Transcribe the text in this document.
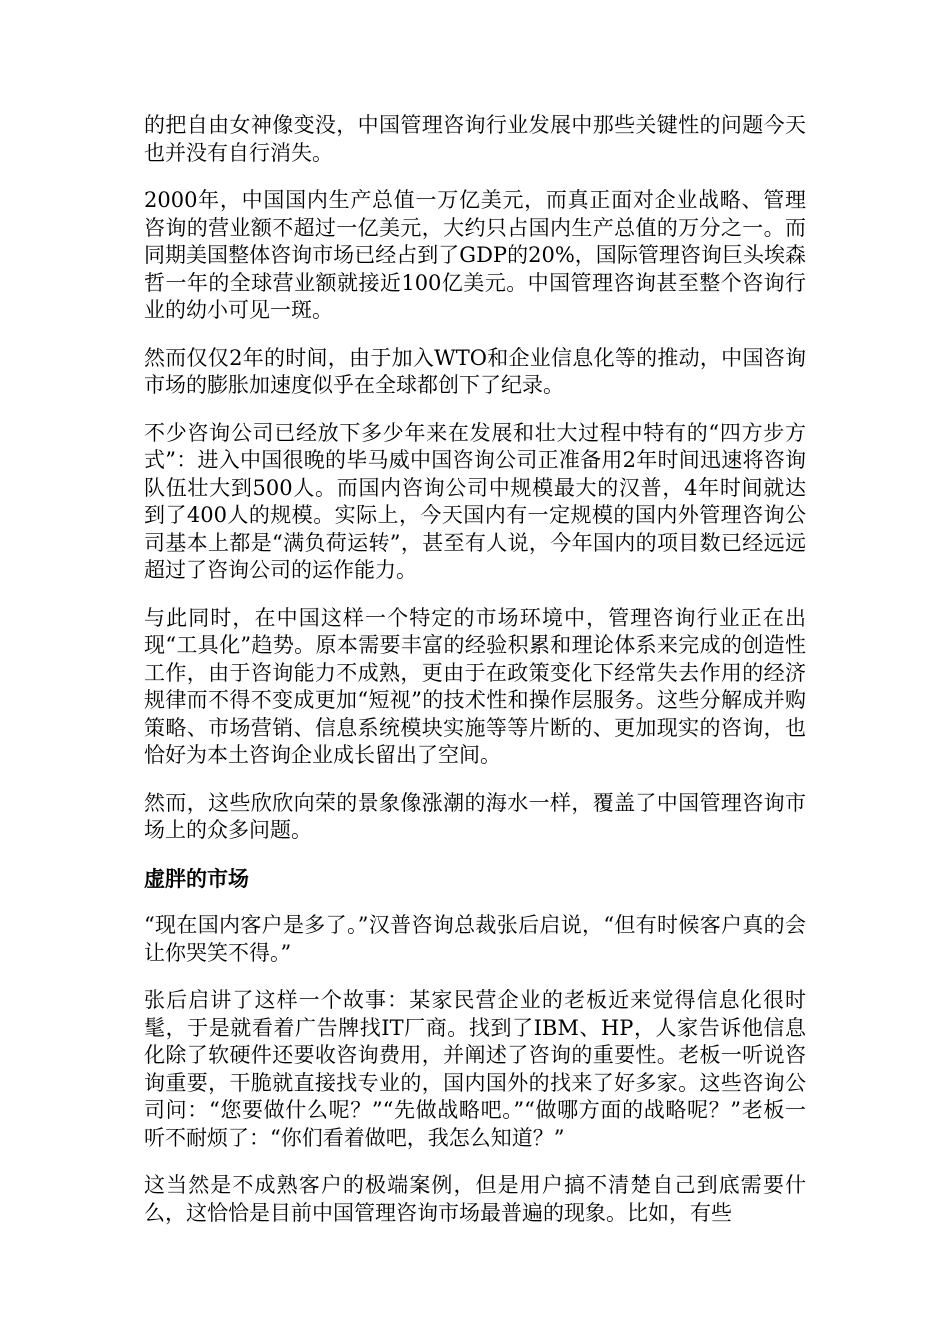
的把自由女神像变没，中国管理咨询行业发展中那些关键性的问题今天也并没有自行消失。

2000年，中国国内生产总值一万亿美元，而真正面对企业战略、管理咨询的营业额不超过一亿美元，大约只占国内生产总值的万分之一。而同期美国整体咨询市场已经占到了GDP的20%，国际管理咨询巨头埃森哲一年的全球营业额就接近100亿美元。中国管理咨询甚至整个咨询行业的幼小可见一斑。

然而仅仅2年的时间，由于加入WTO和企业信息化等的推动，中国咨询市场的膨胀加速度似乎在全球都创下了纪录。

不少咨询公司已经放下多少年来在发展和壮大过程中特有的“四方步方式”：进入中国很晚的毕马威中国咨询公司正准备用2年时间迅速将咨询队伍壮大到500人。而国内咨询公司中规模最大的汉普，4年时间就达到了400人的规模。实际上，今天国内有一定规模的国内外管理咨询公司基本上都是“满负荷运转”，甚至有人说，今年国内的项目数已经远远超过了咨询公司的运作能力。

与此同时，在中国这样一个特定的市场环境中，管理咨询行业正在出现“工具化”趋势。原本需要丰富的经验积累和理论体系来完成的创造性工作，由于咨询能力不成熟，更由于在政策变化下经常失去作用的经济规律而不得不变成更加“短视”的技术性和操作层服务。这些分解成并购策略、市场营销、信息系统模块实施等等片断的、更加现实的咨询，也恰好为本土咨询企业成长留出了空间。

然而，这些欣欣向荣的景象像涨潮的海水一样，覆盖了中国管理咨询市场上的众多问题。

虚胖的市场

“现在国内客户是多了。”汉普咨询总裁张后启说，“但有时候客户真的会让你哭笑不得。”

张后启讲了这样一个故事：某家民营企业的老板近来觉得信息化很时髦，于是就看着广告牌找IT厂商。找到了IBM、HP，人家告诉他信息化除了软硬件还要收咨询费用，并阐述了咨询的重要性。老板一听说咨询重要，干脆就直接找专业的，国内国外的找来了好多家。这些咨询公司问：“您要做什么呢？”“先做战略吧。”“做哪方面的战略呢？”老板一听不耐烦了：“你们看着做吧，我怎么知道？”

这当然是不成熟客户的极端案例，但是用户搞不清楚自己到底需要什么，这恰恰是目前中国管理咨询市场最普遍的现象。比如，有些
